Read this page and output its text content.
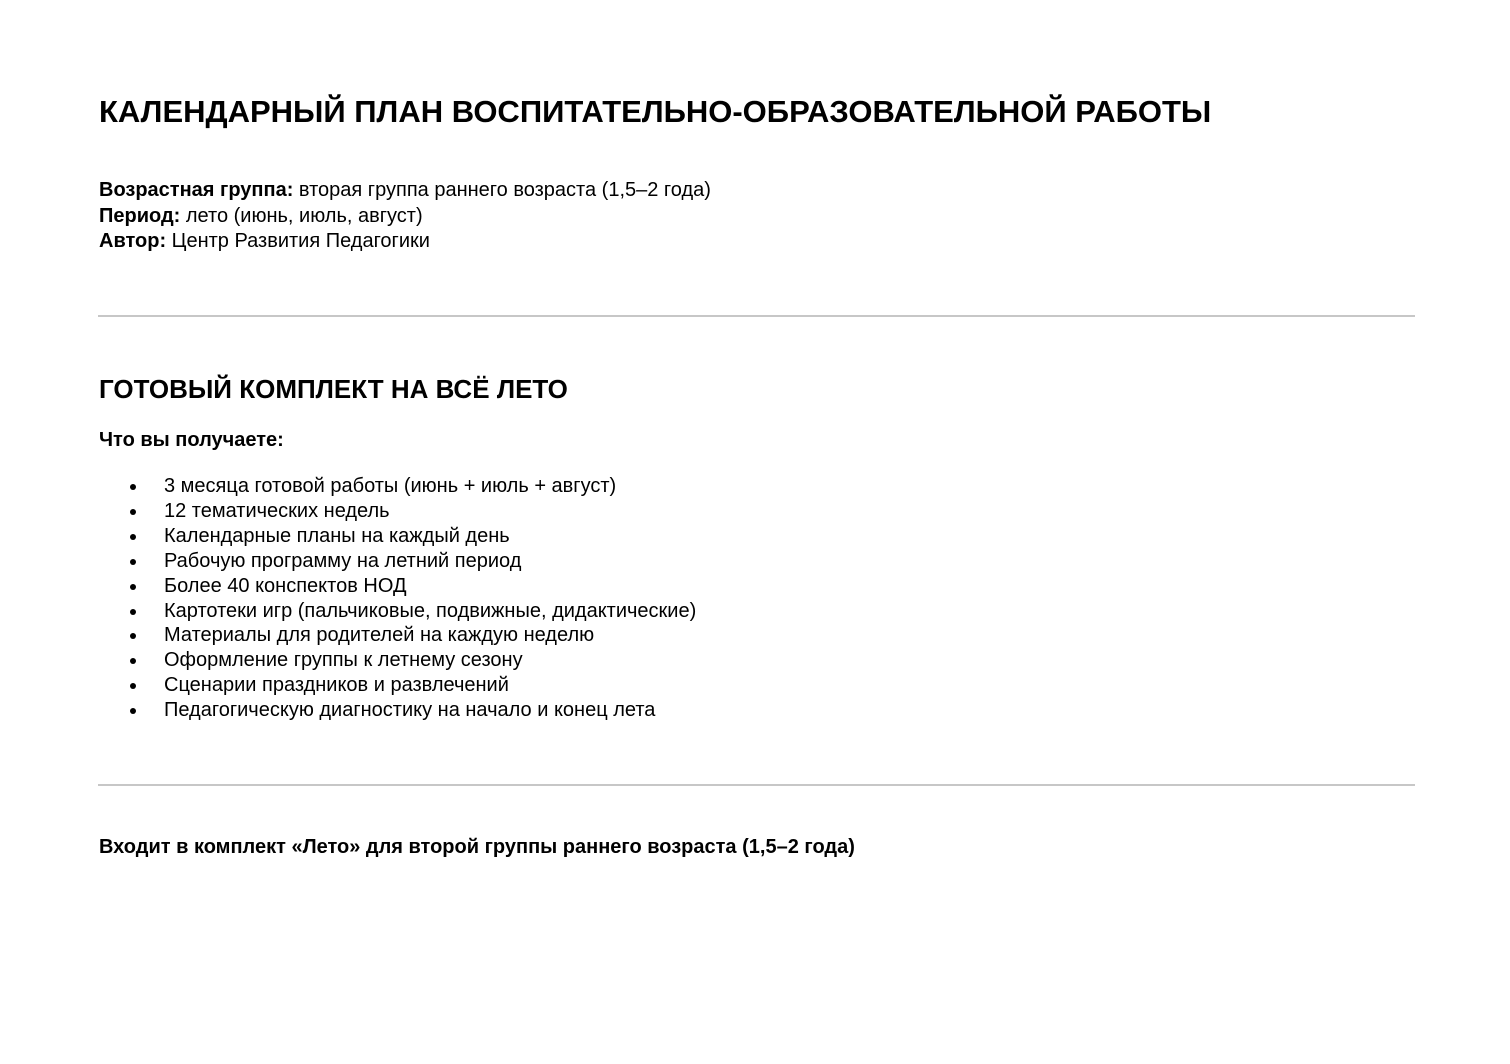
КАЛЕНДАРНЫЙ ПЛАН ВОСПИТАТЕЛЬНО-ОБРАЗОВАТЕЛЬНОЙ РАБОТЫ
Возрастная группа: вторая группа раннего возраста (1,5–2 года)
Период: лето (июнь, июль, август)
Автор: Центр Развития Педагогики
ГОТОВЫЙ КОМПЛЕКТ НА ВСЁ ЛЕТО
Что вы получаете:
3 месяца готовой работы (июнь + июль + август)
12 тематических недель
Календарные планы на каждый день
Рабочую программу на летний период
Более 40 конспектов НОД
Картотеки игр (пальчиковые, подвижные, дидактические)
Материалы для родителей на каждую неделю
Оформление группы к летнему сезону
Сценарии праздников и развлечений
Педагогическую диагностику на начало и конец лета

Входит в комплект «Лето» для второй группы раннего возраста (1,5–2 года)
